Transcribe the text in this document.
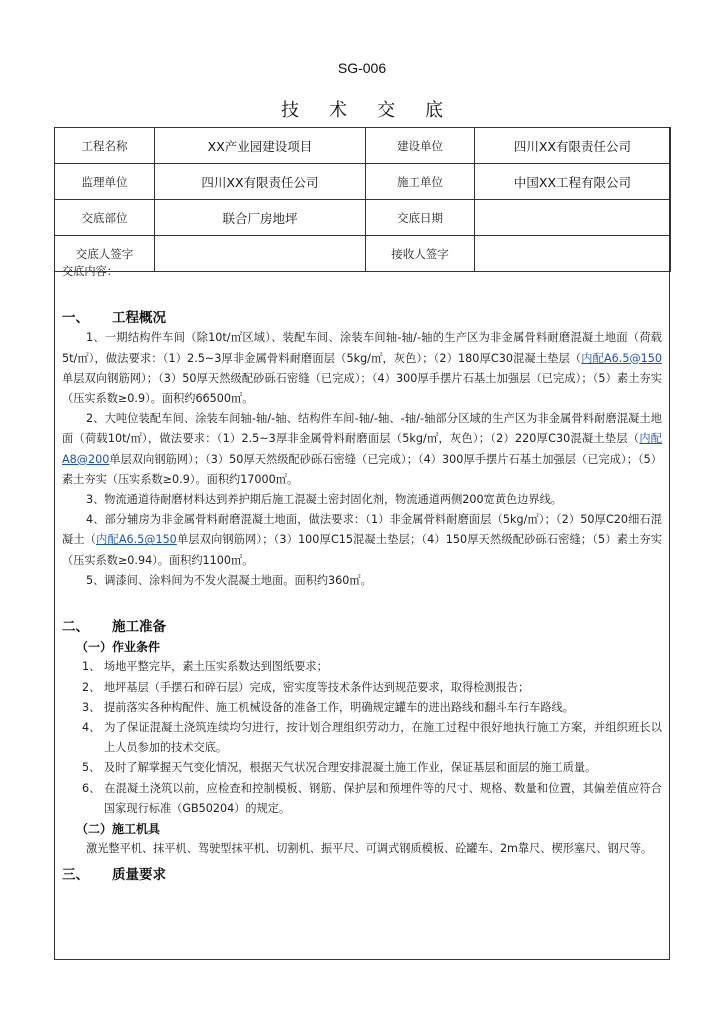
SG-006
技术交底
工程名称	XX产业园建设项目	建设单位	四川XX有限责任公司
监理单位	四川XX有限责任公司	施工单位	中国XX工程有限公司
交底部位	联合厂房地坪	交底日期	
交底人签字		接收人签字	
交底内容：
一、 工程概况
1、一期结构件车间（除10t/㎡区域）、装配车间、涂装车间轴-轴/-轴的生产区为非金属骨料耐磨混凝土地面（荷载5t/㎡），做法要求：（1）2.5~3厚非金属骨料耐磨面层（5kg/㎡，灰色）；（2）180厚C30混凝土垫层（内配A6.5@150单层双向钢筋网）；（3）50厚天然级配砂砾石密缝（已完成）；（4）300厚手摆片石基土加强层（已完成）；（5）素土夯实（压实系数≥0.9）。面积约66500㎡。
2、大吨位装配车间、涂装车间轴-轴/-轴、结构件车间-轴/-轴、-轴/-轴部分区域的生产区为非金属骨料耐磨混凝土地面（荷载10t/㎡），做法要求：（1）2.5~3厚非金属骨料耐磨面层（5kg/㎡，灰色）；（2）220厚C30混凝土垫层（内配A8@200单层双向钢筋网）；（3）50厚天然级配砂砾石密缝（已完成）；（4）300厚手摆片石基土加强层（已完成）；（5）素土夯实（压实系数≥0.9）。面积约17000㎡。
3、物流通道待耐磨材料达到养护期后施工混凝土密封固化剂，物流通道两侧200宽黄色边界线。
4、部分辅房为非金属骨料耐磨混凝土地面，做法要求：（1）非金属骨料耐磨面层（5kg/㎡）；（2）50厚C20细石混凝土（内配A6.5@150单层双向钢筋网）；（3）100厚C15混凝土垫层；（4）150厚天然级配砂砾石密缝；（5）素土夯实（压实系数≥0.94）。面积约1100㎡。
5、调漆间、涂料间为不发火混凝土地面。面积约360㎡。
二、 施工准备
（一）作业条件
1、 场地平整完毕，素土压实系数达到图纸要求；
2、 地坪基层（手摆石和碎石层）完成，密实度等技术条件达到规范要求，取得检测报告；
3、 提前落实各种构配件、施工机械设备的准备工作，明确规定罐车的进出路线和翻斗车行车路线。
4、 为了保证混凝土浇筑连续均匀进行，按计划合理组织劳动力，在施工过程中很好地执行施工方案，并组织班长以上人员参加的技术交底。
5、 及时了解掌握天气变化情况，根据天气状况合理安排混凝土施工作业，保证基层和面层的施工质量。
6、 在混凝土浇筑以前，应检查和控制模板、钢筋、保护层和预埋件等的尺寸、规格、数量和位置，其偏差值应符合国家现行标准（GB50204）的规定。
（二）施工机具
激光整平机、抹平机、驾驶型抹平机、切割机、振平尺、可调式钢质模板、砼罐车、2m靠尺、楔形塞尺、钢尺等。
三、 质量要求
